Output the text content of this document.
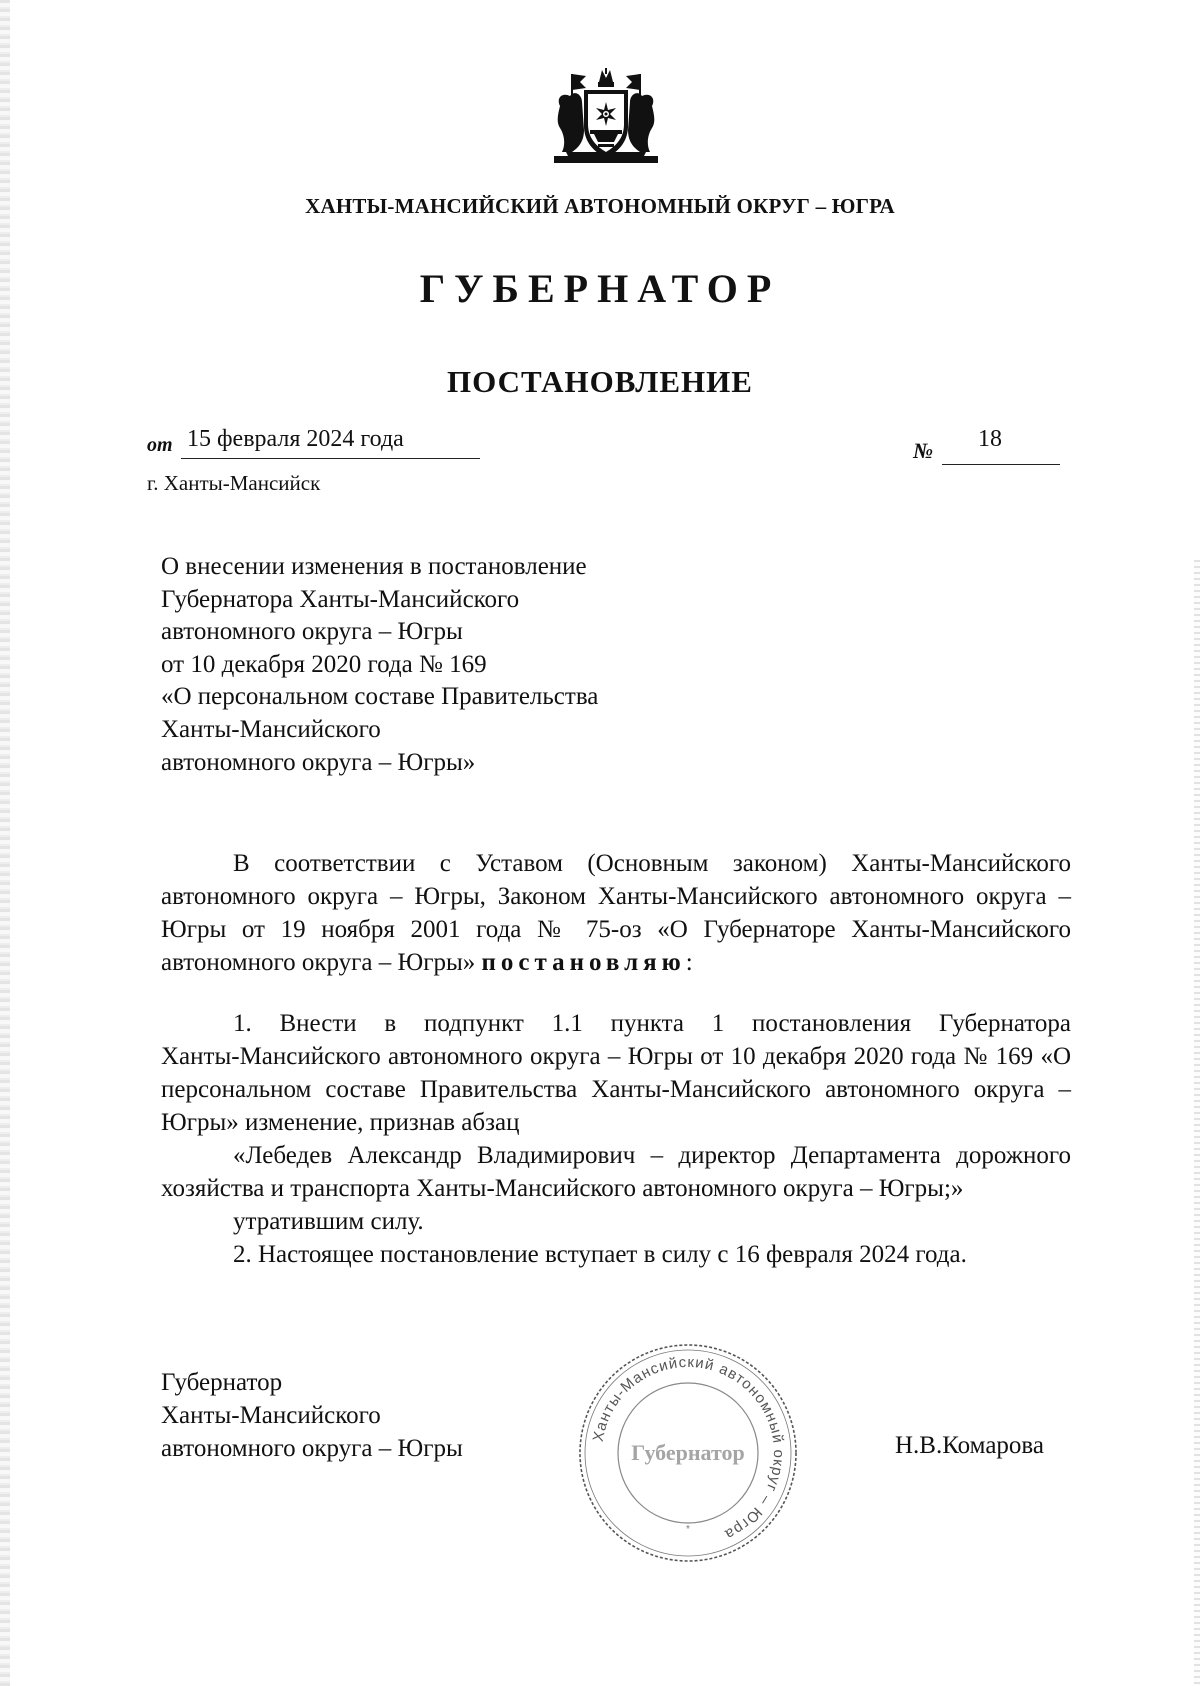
ХАНТЫ-МАНСИЙСКИЙ АВТОНОМНЫЙ ОКРУГ – ЮГРА
ГУБЕРНАТОР
ПОСТАНОВЛЕНИЕ
от 15 февраля 2024 года	№ 18
г. Ханты-Мансийск
О внесении изменения в постановление
Губернатора Ханты-Мансийского
автономного округа – Югры
от 10 декабря 2020 года № 169
«О персональном составе Правительства
Ханты-Мансийского
автономного округа – Югры»
В соответствии с Уставом (Основным законом) Ханты-Мансийского автономного округа – Югры, Законом Ханты-Мансийского автономного округа – Югры от 19 ноября 2001 года № 75-оз «О Губернаторе Ханты-Мансийского автономного округа – Югры» постановляю:
1. Внести в подпункт 1.1 пункта 1 постановления Губернатора
Ханты-Мансийского автономного округа – Югры от 10 декабря 2020 года № 169 «О персональном составе Правительства Ханты-Мансийского автономного округа – Югры» изменение, признав абзац
«Лебедев Александр Владимирович – директор Департамента дорожного хозяйства и транспорта Ханты-Мансийского автономного округа – Югры;»
утратившим силу.
2. Настоящее постановление вступает в силу с 16 февраля 2024 года.
Губернатор
Ханты-Мансийского
автономного округа – Югры	Ханты-Мансийский автономный округ – Югра
Губернатор
*
Н.В.Комарова
